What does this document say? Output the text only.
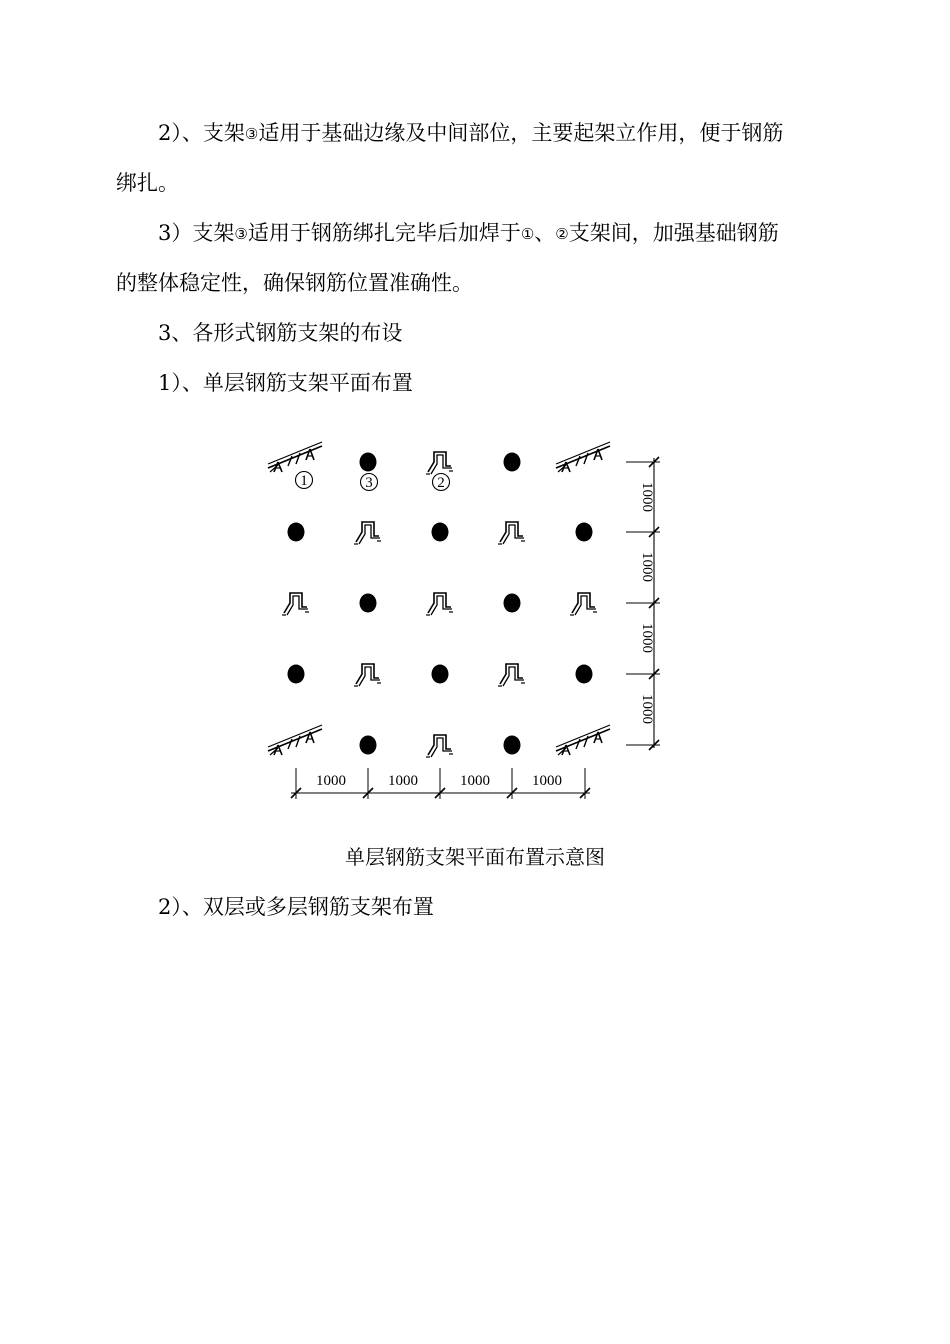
2）、支架③适用于基础边缘及中间部位，主要起架立作用，便于钢筋
绑扎。
3）支架③适用于钢筋绑扎完毕后加焊于①、②支架间，加强基础钢筋
的整体稳定性，确保钢筋位置准确性。
3、各形式钢筋支架的布设
1）、单层钢筋支架平面布置
1	3	2	1000
1000
1000
1000
1000	1000	1000	1000
单层钢筋支架平面布置示意图
2）、双层或多层钢筋支架布置
